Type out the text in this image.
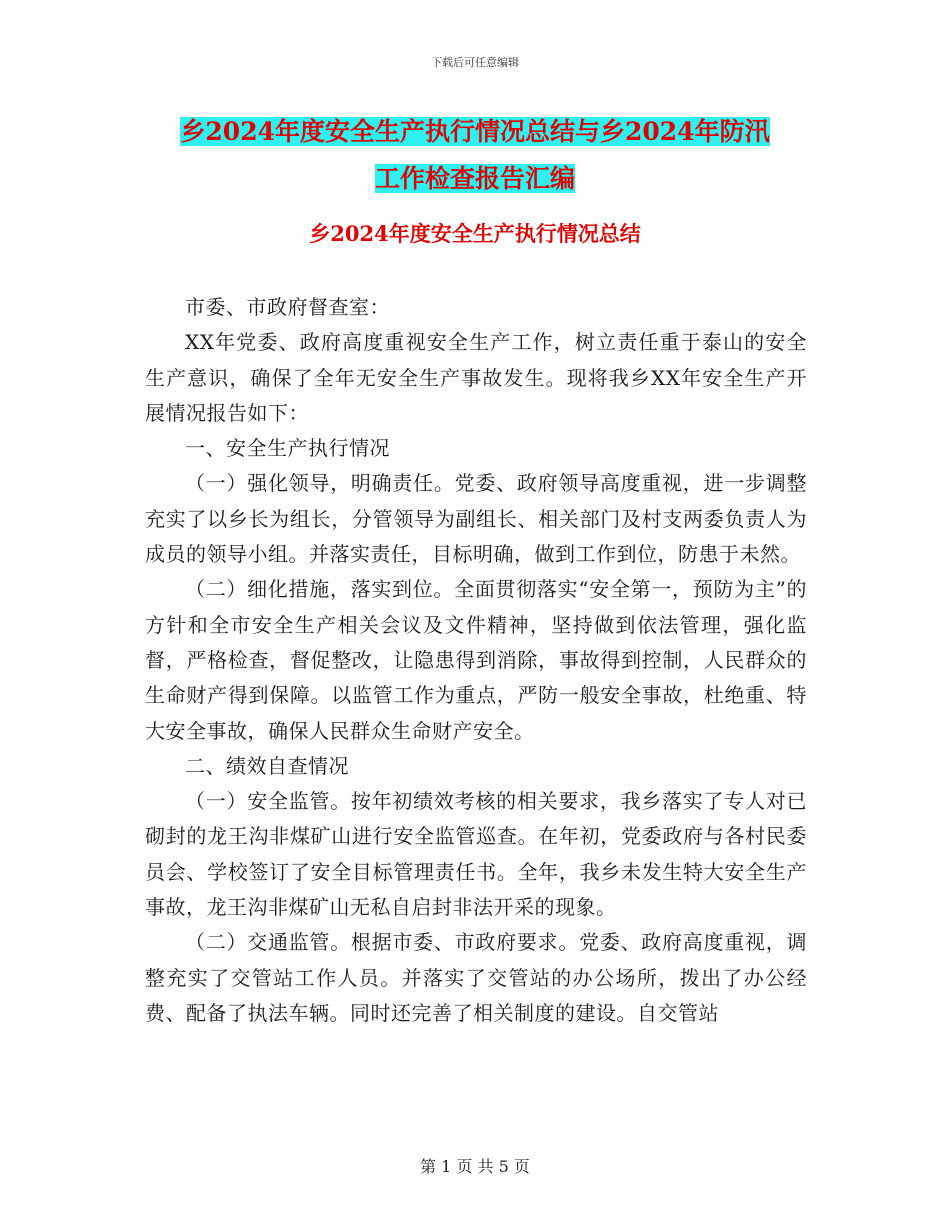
下载后可任意编辑
乡2024年度安全生产执行情况总结与乡2024年防汛
工作检查报告汇编
乡2024年度安全生产执行情况总结

市委、市政府督查室：

XX年党委、政府高度重视安全生产工作，树立责任重于泰山的安全生产意识，确保了全年无安全生产事故发生。现将我乡XX年安全生产开展情况报告如下：

一、安全生产执行情况

（一）强化领导，明确责任。党委、政府领导高度重视，进一步调整充实了以乡长为组长，分管领导为副组长、相关部门及村支两委负责人为成员的领导小组。并落实责任，目标明确，做到工作到位，防患于未然。

（二）细化措施，落实到位。全面贯彻落实“安全第一，预防为主”的方针和全市安全生产相关会议及文件精神，坚持做到依法管理，强化监督，严格检查，督促整改，让隐患得到消除，事故得到控制，人民群众的生命财产得到保障。以监管工作为重点，严防一般安全事故，杜绝重、特大安全事故，确保人民群众生命财产安全。

二、绩效自查情况

（一）安全监管。按年初绩效考核的相关要求，我乡落实了专人对已砌封的龙王沟非煤矿山进行安全监管巡查。在年初，党委政府与各村民委员会、学校签订了安全目标管理责任书。全年，我乡未发生特大安全生产事故，龙王沟非煤矿山无私自启封非法开采的现象。

（二）交通监管。根据市委、市政府要求。党委、政府高度重视，调整充实了交管站工作人员。并落实了交管站的办公场所，拨出了办公经费、配备了执法车辆。同时还完善了相关制度的建设。自交管站

第 1 页 共 5 页
